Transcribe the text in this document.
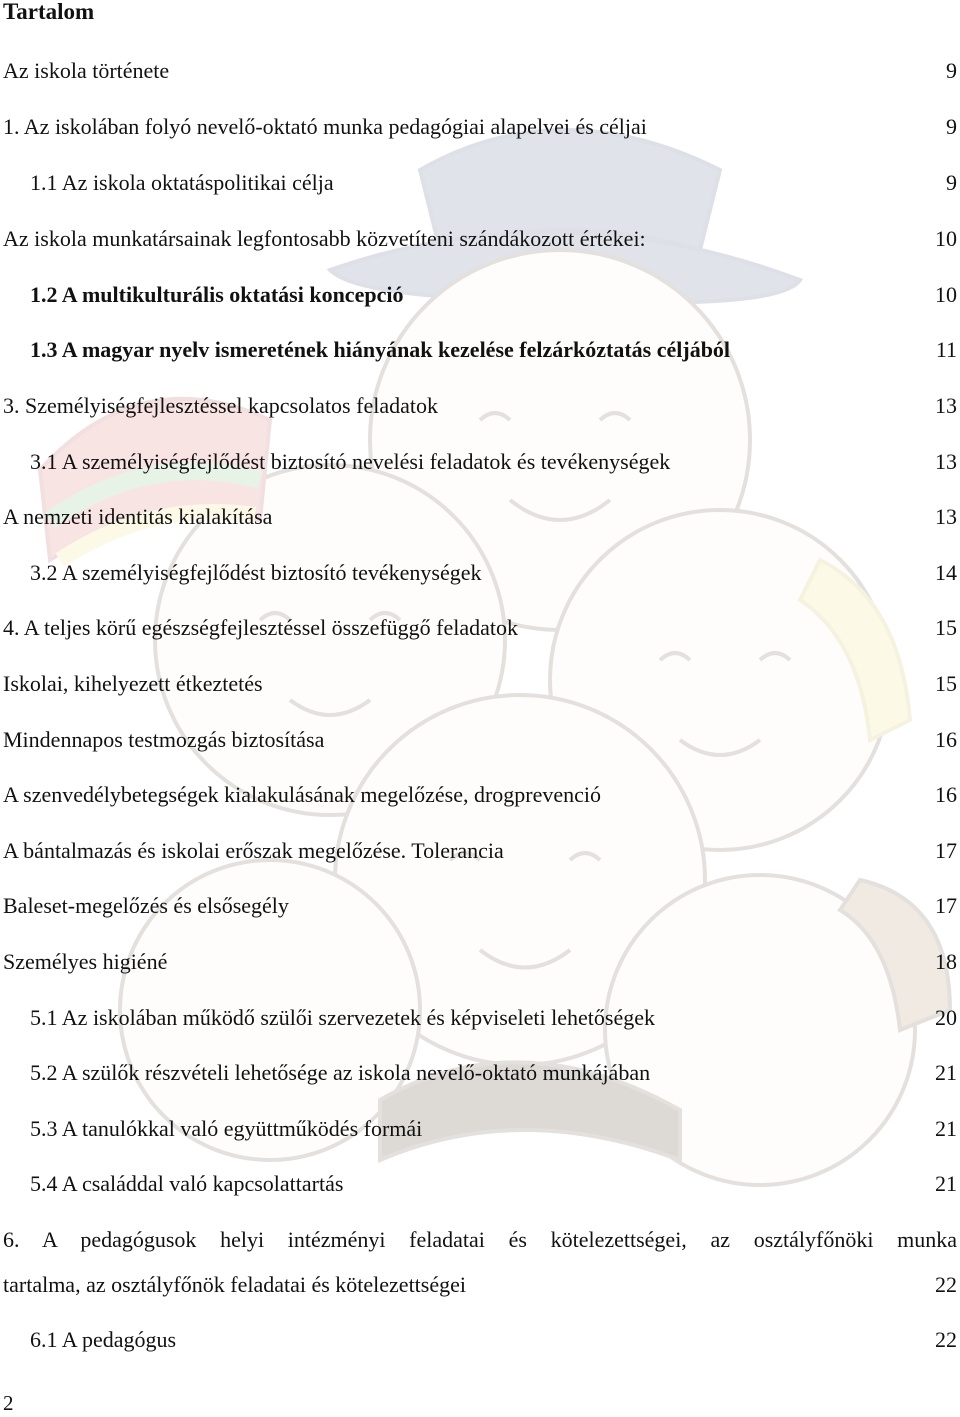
Tartalom
Az iskola története	9
1. Az iskolában folyó nevelő-oktató munka pedagógiai alapelvei és céljai	9
1.1 Az iskola oktatáspolitikai célja	9
Az iskola munkatársainak legfontosabb közvetíteni szándákozott értékei:	10
1.2 A multikulturális oktatási koncepció	10
1.3 A magyar nyelv ismeretének hiányának kezelése felzárkóztatás céljából	11
3. Személyiségfejlesztéssel kapcsolatos feladatok	13
3.1 A személyiségfejlődést biztosító nevelési feladatok és tevékenységek	13
A nemzeti identitás kialakítása	13
3.2 A személyiségfejlődést biztosító tevékenységek	14
4. A teljes körű egészségfejlesztéssel összefüggő feladatok	15
Iskolai, kihelyezett étkeztetés	15
Mindennapos testmozgás biztosítása	16
A szenvedélybetegségek kialakulásának megelőzése, drogprevenció	16
A bántalmazás és iskolai erőszak megelőzése. Tolerancia	17
Baleset-megelőzés és elsősegély	17
Személyes higiéné	18
5.1 Az iskolában működő szülői szervezetek és képviseleti lehetőségek	20
5.2 A szülők részvételi lehetősége az iskola nevelő-oktató munkájában	21
5.3 A tanulókkal való együttműködés formái	21
5.4 A családdal való kapcsolattartás	21
6. A pedagógusok helyi intézményi feladatai és kötelezettségei, az osztályfőnöki munka
tartalma, az osztályfőnök feladatai és kötelezettségei	22
6.1 A pedagógus	22
2
